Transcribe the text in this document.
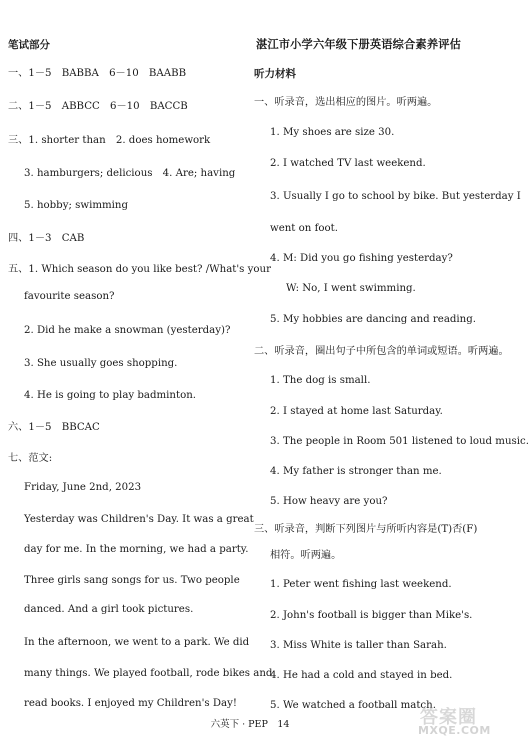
笔试部分
一、1－5　BABBA　6－10　BAABB
二、1－5　ABBCC　6－10　BACCB
三、1. shorter than　2. does homework
3. hamburgers; delicious　4. Are; having
5. hobby; swimming
四、1－3　CAB
五、1. Which season do you like best? /What's your
favourite season?
2. Did he make a snowman (yesterday)?
3. She usually goes shopping.
4. He is going to play badminton.
六、1－5　BBCAC
七、范文:
Friday, June 2nd, 2023
Yesterday was Children's Day. It was a great
day for me. In the morning, we had a party.
Three girls sang songs for us. Two people
danced. And a girl took pictures.
In the afternoon, we went to a park. We did
many things. We played football, rode bikes and
read books. I enjoyed my Children's Day!
湛江市小学六年级下册英语综合素养评估
听力材料
一、听录音，选出相应的图片。听两遍。
1. My shoes are size 30.
2. I watched TV last weekend.
3. Usually I go to school by bike. But yesterday I
went on foot.
4. M: Did you go fishing yesterday?
W: No, I went swimming.
5. My hobbies are dancing and reading.
二、听录音，圈出句子中所包含的单词或短语。听两遍。
1. The dog is small.
2. I stayed at home last Saturday.
3. The people in Room 501 listened to loud music.
4. My father is stronger than me.
5. How heavy are you?
三、听录音，判断下列图片与所听内容是(T)否(F)
相符。听两遍。
1. Peter went fishing last weekend.
2. John's football is bigger than Mike's.
3. Miss White is taller than Sarah.
4. He had a cold and stayed in bed.
5. We watched a football match.
六英下 · PEP　14	答案圈
MXQE.COM
